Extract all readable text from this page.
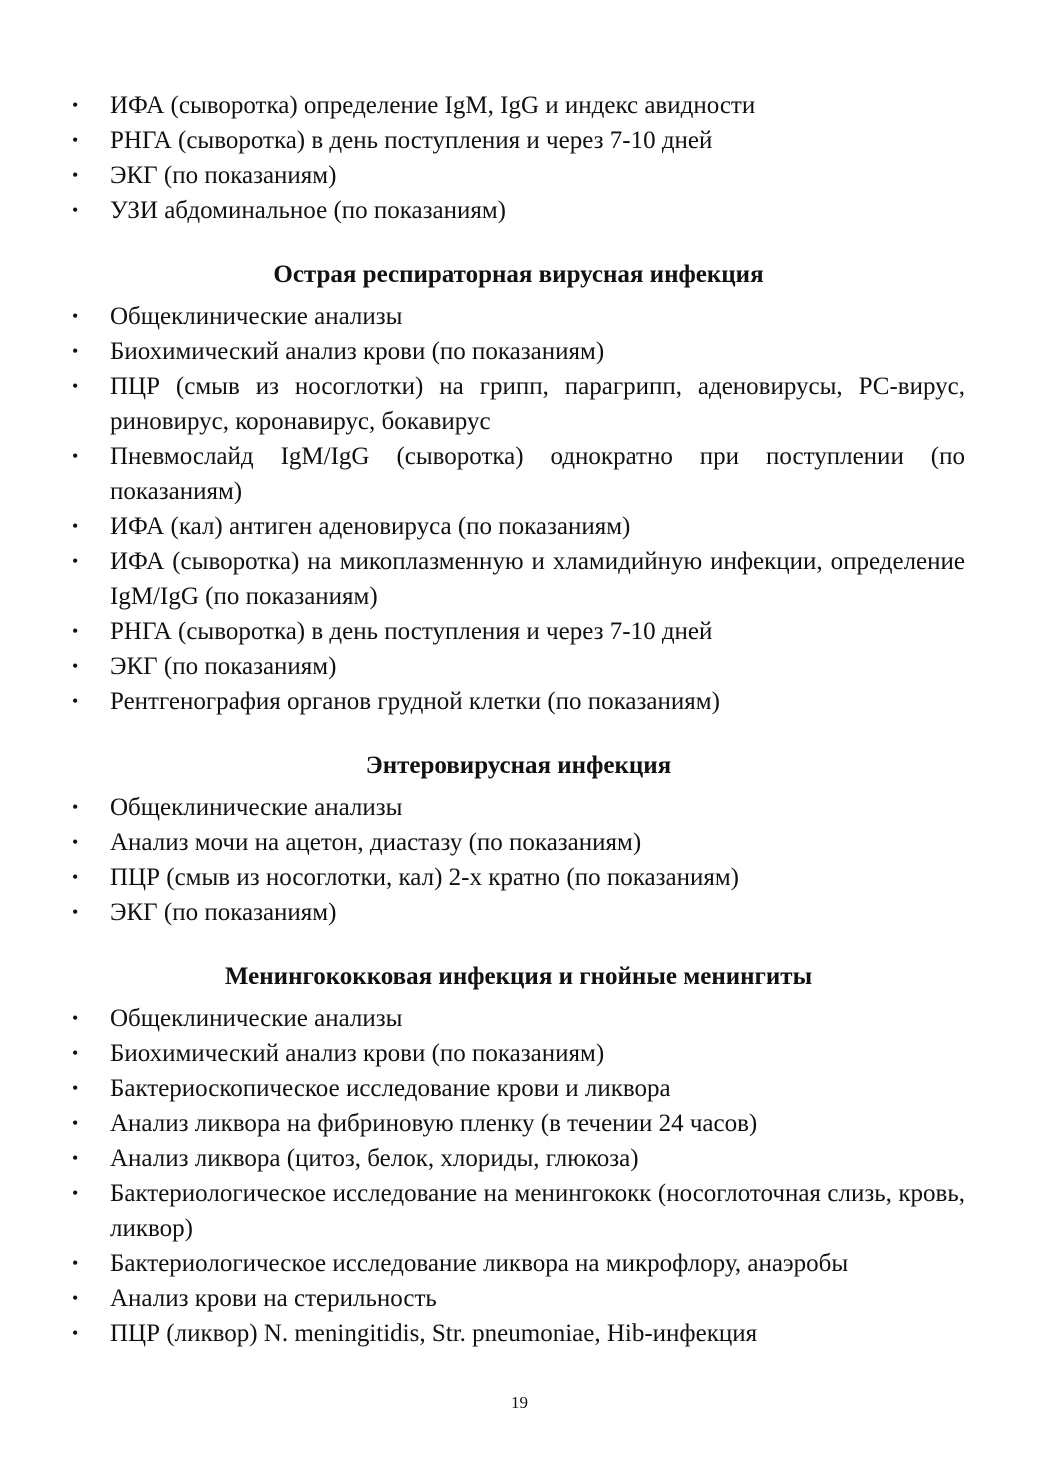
•	ИФА (сыворотка) определение IgM, IgG и индекс авидности
•	РНГА (сыворотка) в день поступления и через 7-10 дней
•	ЭКГ (по показаниям)
•	УЗИ абдоминальное (по показаниям)
Острая респираторная вирусная инфекция
•	Общеклинические анализы
•	Биохимический анализ крови (по показаниям)
•	ПЦР (смыв из носоглотки) на грипп, парагрипп, аденовирусы, РС-вирус, риновирус, коронавирус, бокавирус
•	Пневмослайд IgM/IgG (сыворотка) однократно при поступлении (по показаниям)
•	ИФА (кал) антиген аденовируса (по показаниям)
•	ИФА (сыворотка) на микоплазменную и хламидийную инфекции, определение IgM/IgG (по показаниям)
•	РНГА (сыворотка) в день поступления и через 7-10 дней
•	ЭКГ (по показаниям)
•	Рентгенография органов грудной клетки (по показаниям)
Энтеровирусная инфекция
•	Общеклинические анализы
•	Анализ мочи на ацетон, диастазу (по показаниям)
•	ПЦР (смыв из носоглотки, кал) 2-х кратно (по показаниям)
•	ЭКГ (по показаниям)
Менингококковая инфекция и гнойные менингиты
•	Общеклинические анализы
•	Биохимический анализ крови (по показаниям)
•	Бактериоскопическое исследование крови и ликвора
•	Анализ ликвора на фибриновую пленку (в течении 24 часов)
•	Анализ ликвора (цитоз, белок, хлориды, глюкоза)
•	Бактериологическое исследование на менингококк (носоглоточная слизь, кровь, ликвор)
•	Бактериологическое исследование ликвора на микрофлору, анаэробы
•	Анализ крови на стерильность
•	ПЦР (ликвор) N. meningitidis, Str. pneumoniae, Hib-инфекция
19
